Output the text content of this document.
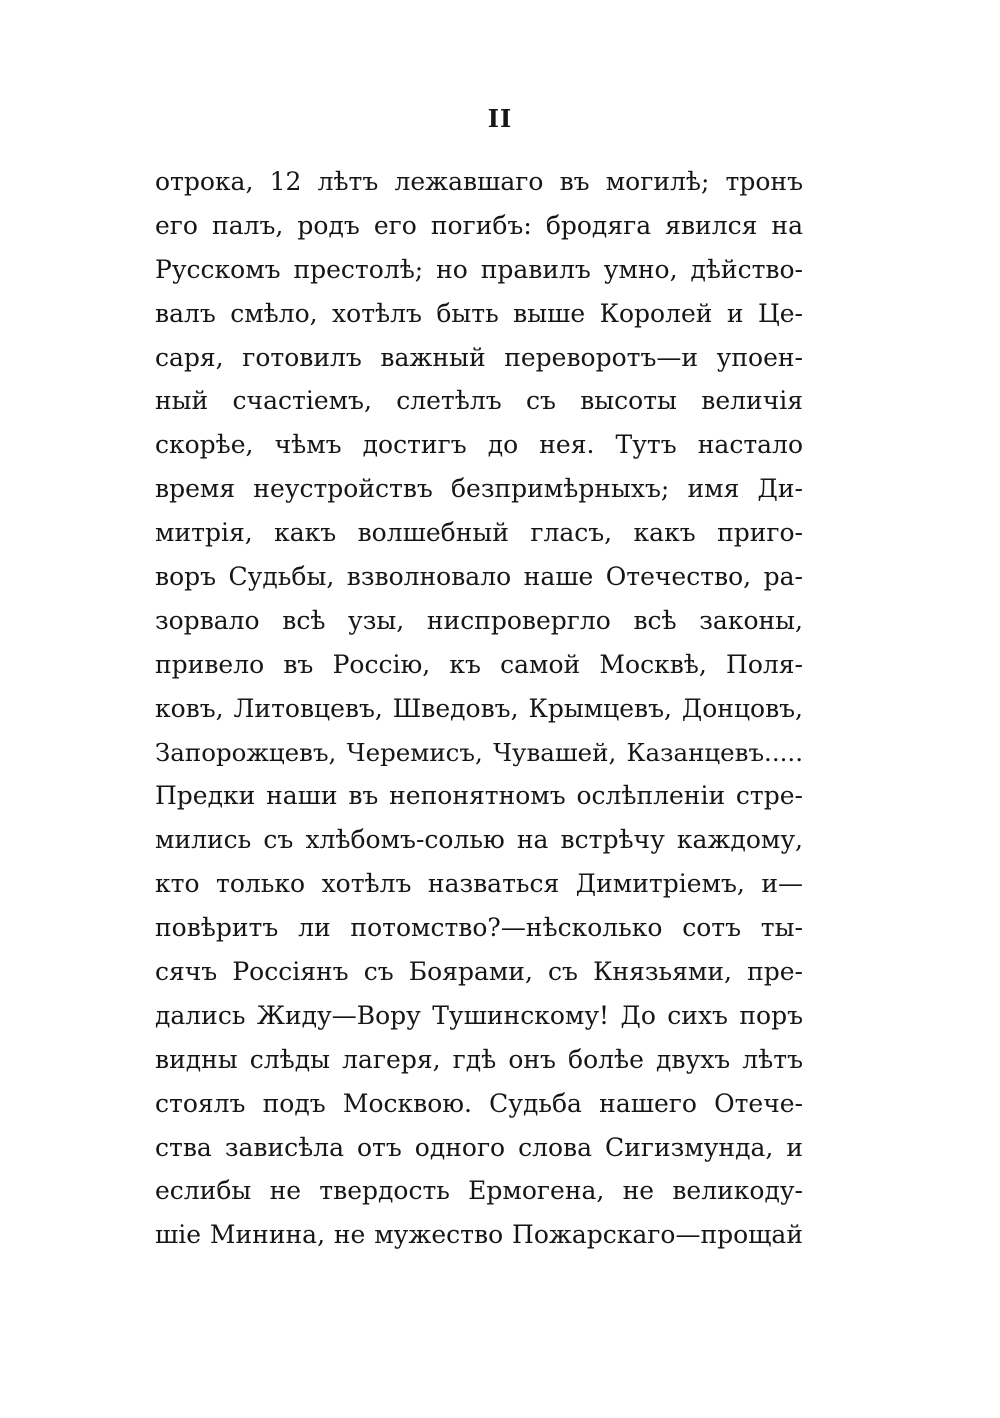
II
отрока, 12 лѣтъ лежавшаго въ могилѣ; тронъ
его палъ, родъ его погибъ: бродяга явился на
Русскомъ престолѣ; но правилъ умно, дѣйство-
валъ смѣло, хотѣлъ быть выше Королей и Це-
саря, готовилъ важный переворотъ—и упоен-
ный счастіемъ, слетѣлъ съ высоты величія
скорѣе, чѣмъ достигъ до нея. Тутъ настало
время неустройствъ безпримѣрныхъ; имя Ди-
митрія, какъ волшебный гласъ, какъ приго-
воръ Судьбы, взволновало наше Отечество, ра-
зорвало всѣ узы, ниспровергло всѣ законы,
привело въ Россію, къ самой Москвѣ, Поля-
ковъ, Литовцевъ, Шведовъ, Крымцевъ, Донцовъ,
Запорожцевъ, Черемисъ, Чувашей, Казанцевъ.....
Предки наши въ непонятномъ ослѣпленіи стре-
мились съ хлѣбомъ-солью на встрѣчу каждому,
кто только хотѣлъ назваться Димитріемъ, и—
повѣритъ ли потомство?—нѣсколько сотъ ты-
сячъ Россіянъ съ Боярами, съ Князьями, пре-
дались Жиду—Вору Тушинскому! До сихъ поръ
видны слѣды лагеря, гдѣ онъ болѣе двухъ лѣтъ
стоялъ подъ Москвою. Судьба нашего Отече-
ства зависѣла отъ одного слова Сигизмунда, и
еслибы не твердость Ермогена, не великоду-
шіе Минина, не мужество Пожарскаго—прощай
